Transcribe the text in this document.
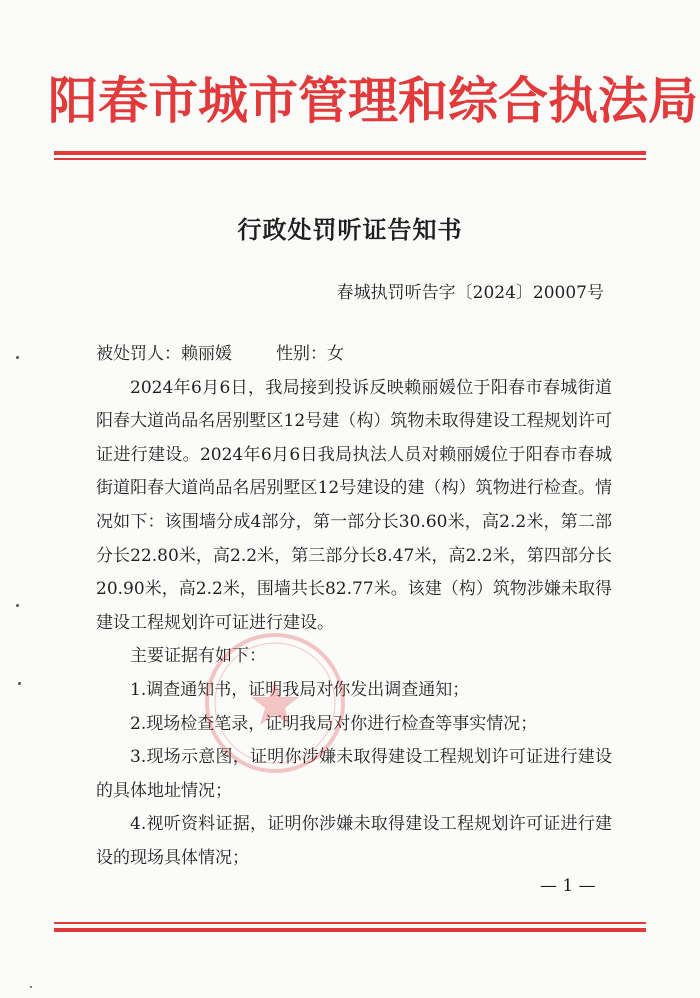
阳春市城市管理和综合执法局
行政处罚听证告知书
春城执罚听告字〔2024〕20007号

被处罚人：赖丽媛	性别：女

2024年6月6日，我局接到投诉反映赖丽媛位于阳春市春城街道阳春大道尚品名居别墅区12号建（构）筑物未取得建设工程规划许可证进行建设。2024年6月6日我局执法人员对赖丽媛位于阳春市春城街道阳春大道尚品名居别墅区12号建设的建（构）筑物进行检查。情况如下：该围墙分成4部分，第一部分长30.60米，高2.2米，第二部分长22.80米，高2.2米，第三部分长8.47米，高2.2米，第四部分长20.90米，高2.2米，围墙共长82.77米。该建（构）筑物涉嫌未取得建设工程规划许可证进行建设。

主要证据有如下：

1.调查通知书，证明我局对你发出调查通知；

2.现场检查笔录，证明我局对你进行检查等事实情况；

3.现场示意图，证明你涉嫌未取得建设工程规划许可证进行建设的具体地址情况；

4.视听资料证据，证明你涉嫌未取得建设工程规划许可证进行建设的现场具体情况；

— 1 —
